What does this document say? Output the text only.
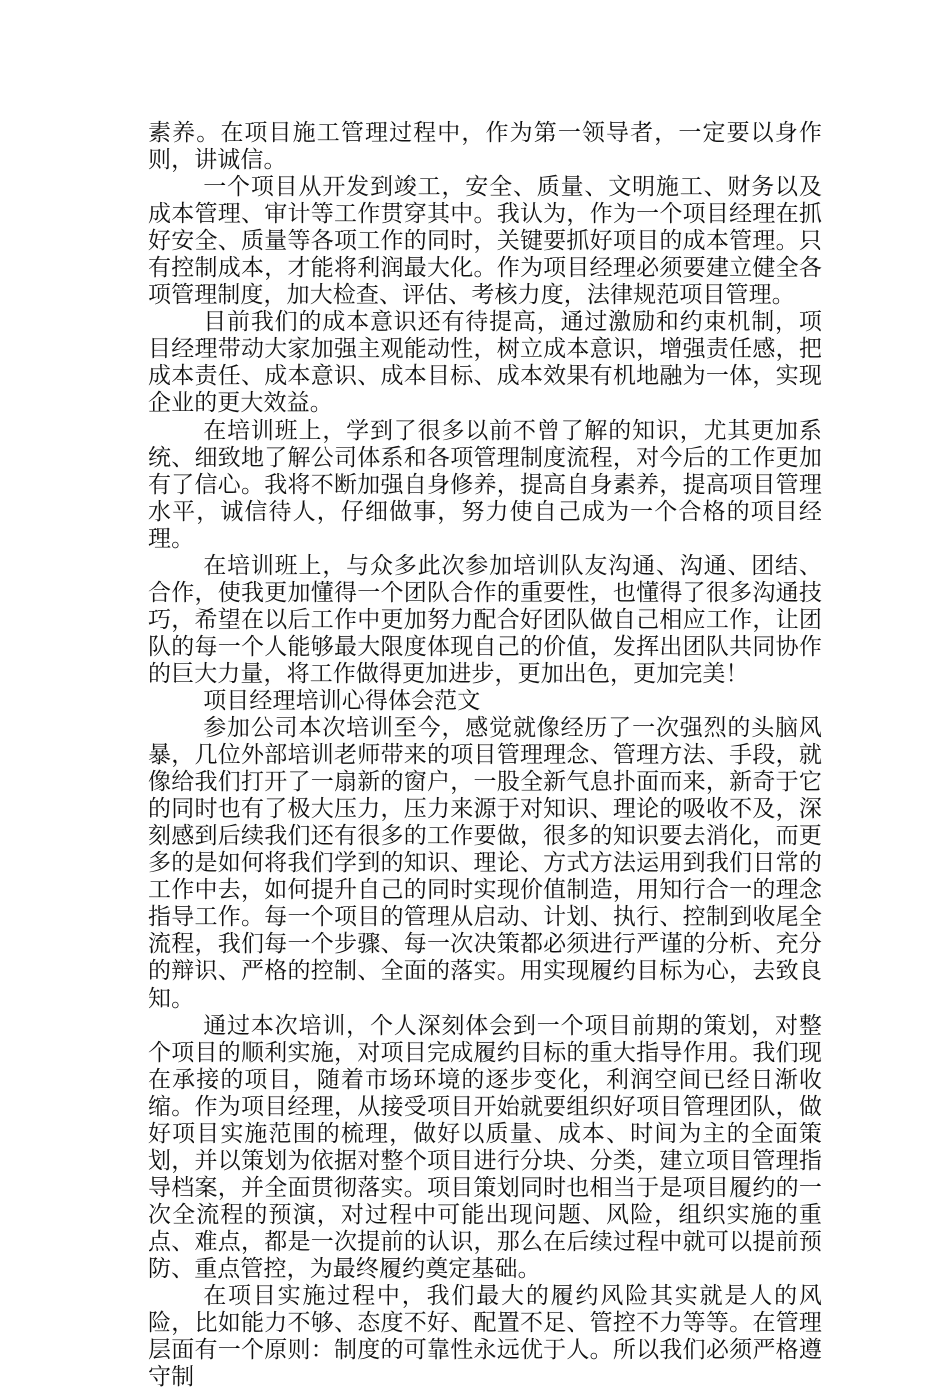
素养。在项目施工管理过程中，作为第一领导者，一定要以身作则，讲诚信。

一个项目从开发到竣工，安全、质量、文明施工、财务以及成本管理、审计等工作贯穿其中。我认为，作为一个项目经理在抓好安全、质量等各项工作的同时，关键要抓好项目的成本管理。只有控制成本，才能将利润最大化。作为项目经理必须要建立健全各项管理制度，加大检查、评估、考核力度，法律规范项目管理。

目前我们的成本意识还有待提高，通过激励和约束机制，项目经理带动大家加强主观能动性，树立成本意识，增强责任感，把成本责任、成本意识、成本目标、成本效果有机地融为一体，实现企业的更大效益。

在培训班上，学到了很多以前不曾了解的知识，尤其更加系统、细致地了解公司体系和各项管理制度流程，对今后的工作更加有了信心。我将不断加强自身修养，提高自身素养，提高项目管理水平，诚信待人，仔细做事，努力使自己成为一个合格的项目经理。

在培训班上，与众多此次参加培训队友沟通、沟通、团结、合作，使我更加懂得一个团队合作的重要性，也懂得了很多沟通技巧，希望在以后工作中更加努力配合好团队做自己相应工作，让团队的每一个人能够最大限度体现自己的价值，发挥出团队共同协作的巨大力量，将工作做得更加进步，更加出色，更加完美！

项目经理培训心得体会范文

参加公司本次培训至今，感觉就像经历了一次强烈的头脑风暴，几位外部培训老师带来的项目管理理念、管理方法、手段，就像给我们打开了一扇新的窗户，一股全新气息扑面而来，新奇于它的同时也有了极大压力，压力来源于对知识、理论的吸收不及，深刻感到后续我们还有很多的工作要做，很多的知识要去消化，而更多的是如何将我们学到的知识、理论、方式方法运用到我们日常的工作中去，如何提升自己的同时实现价值制造，用知行合一的理念指导工作。每一个项目的管理从启动、计划、执行、控制到收尾全流程，我们每一个步骤、每一次决策都必须进行严谨的分析、充分的辩识、严格的控制、全面的落实。用实现履约目标为心，去致良知。

通过本次培训，个人深刻体会到一个项目前期的策划，对整个项目的顺利实施，对项目完成履约目标的重大指导作用。我们现在承接的项目，随着市场环境的逐步变化，利润空间已经日渐收缩。作为项目经理，从接受项目开始就要组织好项目管理团队，做好项目实施范围的梳理，做好以质量、成本、时间为主的全面策划，并以策划为依据对整个项目进行分块、分类，建立项目管理指导档案，并全面贯彻落实。项目策划同时也相当于是项目履约的一次全流程的预演，对过程中可能出现问题、风险，组织实施的重点、难点，都是一次提前的认识，那么在后续过程中就可以提前预防、重点管控，为最终履约奠定基础。

在项目实施过程中，我们最大的履约风险其实就是人的风险，比如能力不够、态度不好、配置不足、管控不力等等。在管理层面有一个原则：制度的可靠性永远优于人。所以我们必须严格遵守制
